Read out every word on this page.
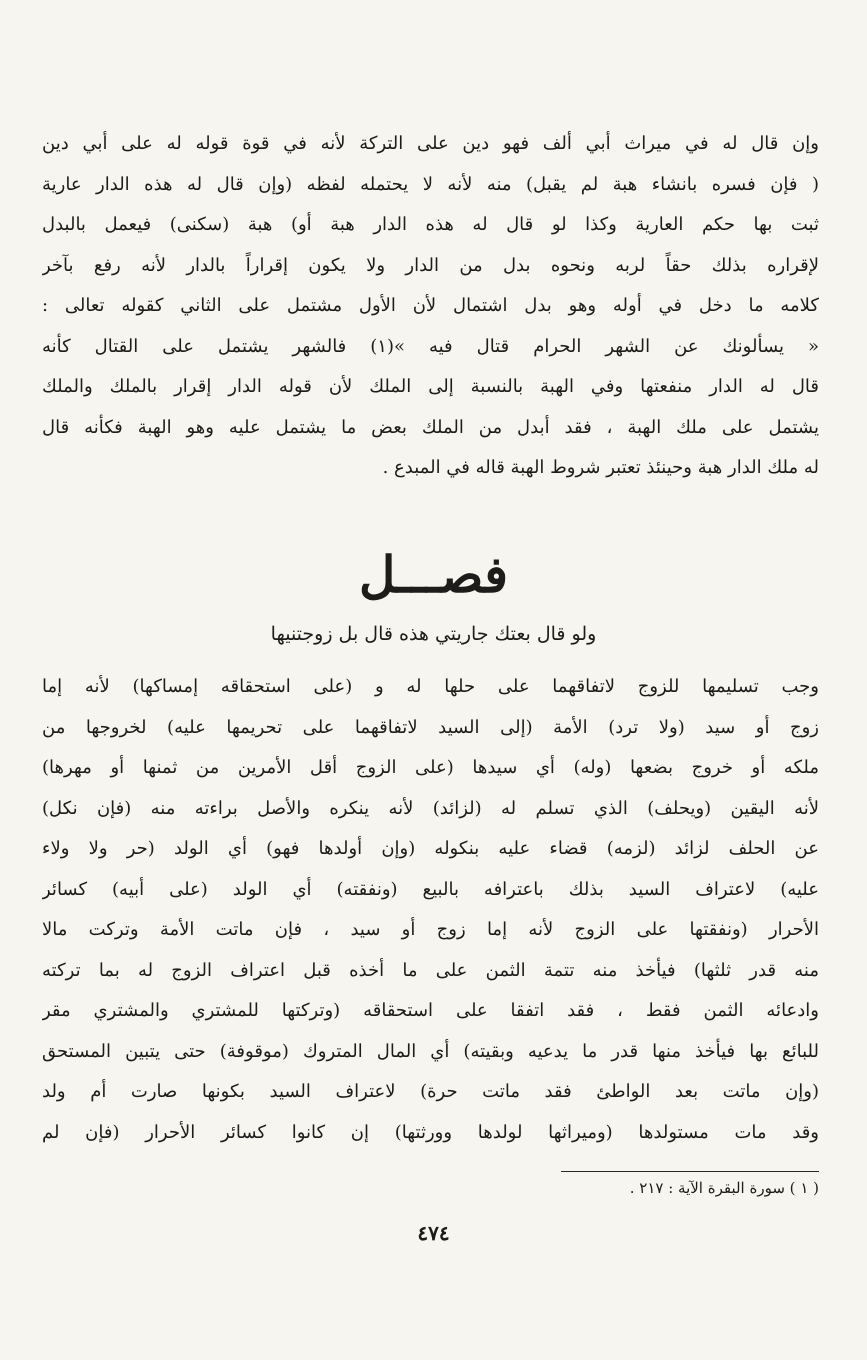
وإن قال له في ميراث أبي ألف فهو دين على التركة لأنه في قوة قوله له على أبي دين
( فإن فسره بانشاء هبة لم يقبل) منه لأنه لا يحتمله لفظه (وإن قال له هذه الدار عارية
ثبت بها حكم العارية وكذا لو قال له هذه الدار هبة أو) هبة (سكنى) فيعمل بالبدل
لإقراره بذلك حقاً لربه ونحوه بدل من الدار ولا يكون إقراراً بالدار لأنه رفع بآخر
كلامه ما دخل في أوله وهو بدل اشتمال لأن الأول مشتمل على الثاني كقوله تعالى :
« يسألونك عن الشهر الحرام قتال فيه »(١) فالشهر يشتمل على القتال كأنه
قال له الدار منفعتها وفي الهبة بالنسبة إلى الملك لأن قوله الدار إقرار بالملك والملك
يشتمل على ملك الهبة ، فقد أبدل من الملك بعض ما يشتمل عليه وهو الهبة فكأنه قال
له ملك الدار هبة وحينئذ تعتبر شروط الهبة قاله في المبدع .
فصـــل
ولو قال بعتك جاريتي هذه قال بل زوجتنيها
وجب تسليمها للزوج لاتفاقهما على حلها له و (على استحقاقه إمساكها) لأنه إما
زوج أو سيد (ولا ترد) الأمة (إلى السيد لاتفاقهما على تحريمها عليه) لخروجها من
ملكه أو خروج بضعها (وله) أي سيدها (على الزوج أقل الأمرين من ثمنها أو مهرها)
لأنه اليقين (ويحلف) الذي تسلم له (لزائد) لأنه ينكره والأصل براءته منه (فإن نكل)
عن الحلف لزائد (لزمه) قضاء عليه بنكوله (وإن أولدها فهو) أي الولد (حر ولا ولاء
عليه) لاعتراف السيد بذلك باعترافه بالبيع (ونفقته) أي الولد (على أبيه) كسائر
الأحرار (ونفقتها على الزوج لأنه إما زوج أو سيد ، فإن ماتت الأمة وتركت مالا
منه قدر ثلثها) فيأخذ منه تتمة الثمن على ما أخذه قبل اعتراف الزوج له بما تركته
وادعائه الثمن فقط ، فقد اتفقا على استحقاقه (وتركتها للمشتري والمشتري مقر
للبائع بها فيأخذ منها قدر ما يدعيه وبقيته) أي المال المتروك (موقوفة) حتى يتبين المستحق
(وإن ماتت بعد الواطئ فقد ماتت حرة) لاعتراف السيد بكونها صارت أم ولد
وقد مات مستولدها (وميراثها لولدها وورثتها) إن كانوا كسائر الأحرار (فإن لم
( ١ ) سورة البقرة الآية : ٢١٧ .
٤٧٤
